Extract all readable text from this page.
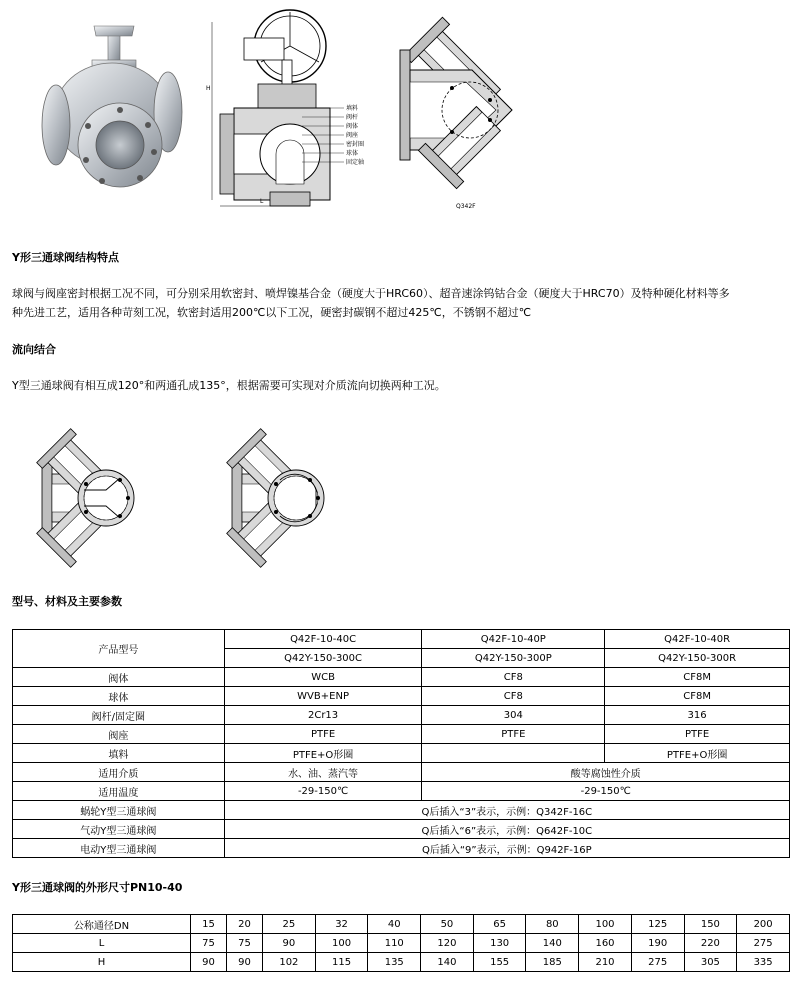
H
L
填料
阀杆
阀体
阀座
密封圈
球体
固定轴
Q342F
Y形三通球阀结构特点
球阀与阀座密封根据工况不同，可分别采用软密封、喷焊镍基合金（硬度大于HRC60）、超音速涂钨钴合金（硬度大于HRC70）及特种硬化材料等多
种先进工艺，适用各种苛刻工况，软密封适用200℃以下工况，硬密封碳钢不超过425℃，不锈钢不超过℃
流向结合
Y型三通球阀有相互成120°和两通孔成135°，根据需要可实现对介质流向切换两种工况。
型号、材料及主要参数
产品型号	Q42F-10-40C	Q42F-10-40P	Q42F-10-40R
	Q42Y-150-300C	Q42Y-150-300P	Q42Y-150-300R
阀体	WCB	CF8	CF8M
球体	WVB+ENP	CF8	CF8M
阀杆/固定圈	2Cr13	304	316
阀座	PTFE	PTFE	PTFE
填料	PTFE+O形圈		PTFE+O形圈
适用介质	水、油、蒸汽等	酸等腐蚀性介质	
适用温度	-29-150℃	-29-150℃	
蜗轮Y型三通球阀	Q后插入“3”表示，示例：Q342F-16C		
气动Y型三通球阀	Q后插入“6”表示，示例：Q642F-10C		
电动Y型三通球阀	Q后插入“9”表示，示例：Q942F-16P		
Y形三通球阀的外形尺寸PN10-40
公称通径DN	15	20	25	32	40	50	65	80	100	125	150	200
L	75	75	90	100	110	120	130	140	160	190	220	275
H	90	90	102	115	135	140	155	185	210	275	305	335
